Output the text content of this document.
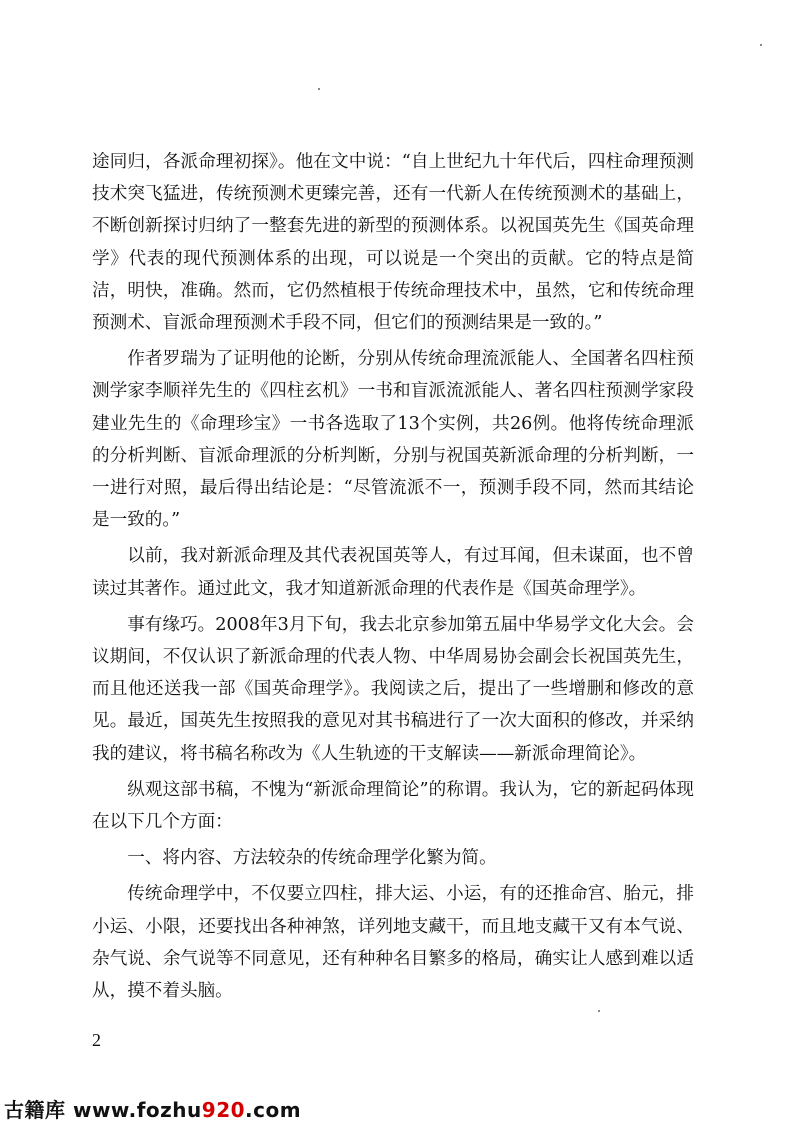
途同归，各派命理初探》。他在文中说：“自上世纪九十年代后，四柱命理预测技术突飞猛进，传统预测术更臻完善，还有一代新人在传统预测术的基础上，不断创新探讨归纳了一整套先进的新型的预测体系。以祝国英先生《国英命理学》代表的现代预测体系的出现，可以说是一个突出的贡献。它的特点是简洁，明快，准确。然而，它仍然植根于传统命理技术中，虽然，它和传统命理预测术、盲派命理预测术手段不同，但它们的预测结果是一致的。”

作者罗瑞为了证明他的论断，分别从传统命理流派能人、全国著名四柱预测学家李顺祥先生的《四柱玄机》一书和盲派流派能人、著名四柱预测学家段建业先生的《命理珍宝》一书各选取了13个实例，共26例。他将传统命理派的分析判断、盲派命理派的分析判断，分别与祝国英新派命理的分析判断，一一进行对照，最后得出结论是：“尽管流派不一，预测手段不同，然而其结论是一致的。”

以前，我对新派命理及其代表祝国英等人，有过耳闻，但未谋面，也不曾读过其著作。通过此文，我才知道新派命理的代表作是《国英命理学》。

事有缘巧。2008年3月下旬，我去北京参加第五届中华易学文化大会。会议期间，不仅认识了新派命理的代表人物、中华周易协会副会长祝国英先生，而且他还送我一部《国英命理学》。我阅读之后，提出了一些增删和修改的意见。最近，国英先生按照我的意见对其书稿进行了一次大面积的修改，并采纳我的建议，将书稿名称改为《人生轨迹的干支解读——新派命理简论》。

纵观这部书稿，不愧为“新派命理简论”的称谓。我认为，它的新起码体现在以下几个方面：

一、将内容、方法较杂的传统命理学化繁为简。

传统命理学中，不仅要立四柱，排大运、小运，有的还推命宫、胎元，排小运、小限，还要找出各种神煞，详列地支藏干，而且地支藏干又有本气说、杂气说、余气说等不同意见，还有种种名目繁多的格局，确实让人感到难以适从，摸不着头脑。

2
古籍库 www.fozhu920.com
